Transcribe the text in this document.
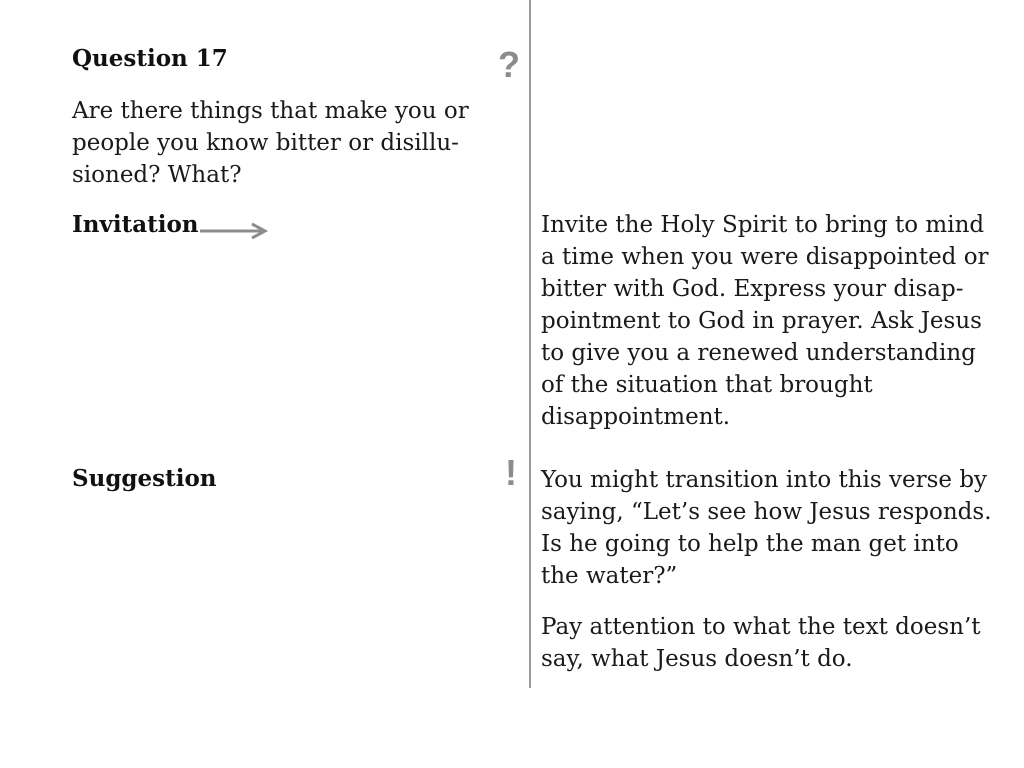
Question 17	?
Are there things that make you or people you know bitter or disillusioned? What?
Invitation	Invite the Holy Spirit to bring to mind a time when you were disappointed or bitter with God. Express your disappointment to God in prayer. Ask Jesus to give you a renewed understanding of the situation that brought disappointment.
Suggestion	! You might transition into this verse by saying, “Let’s see how Jesus responds. Is he going to help the man get into the water?”
Pay attention to what the text doesn’t say, what Jesus doesn’t do.
